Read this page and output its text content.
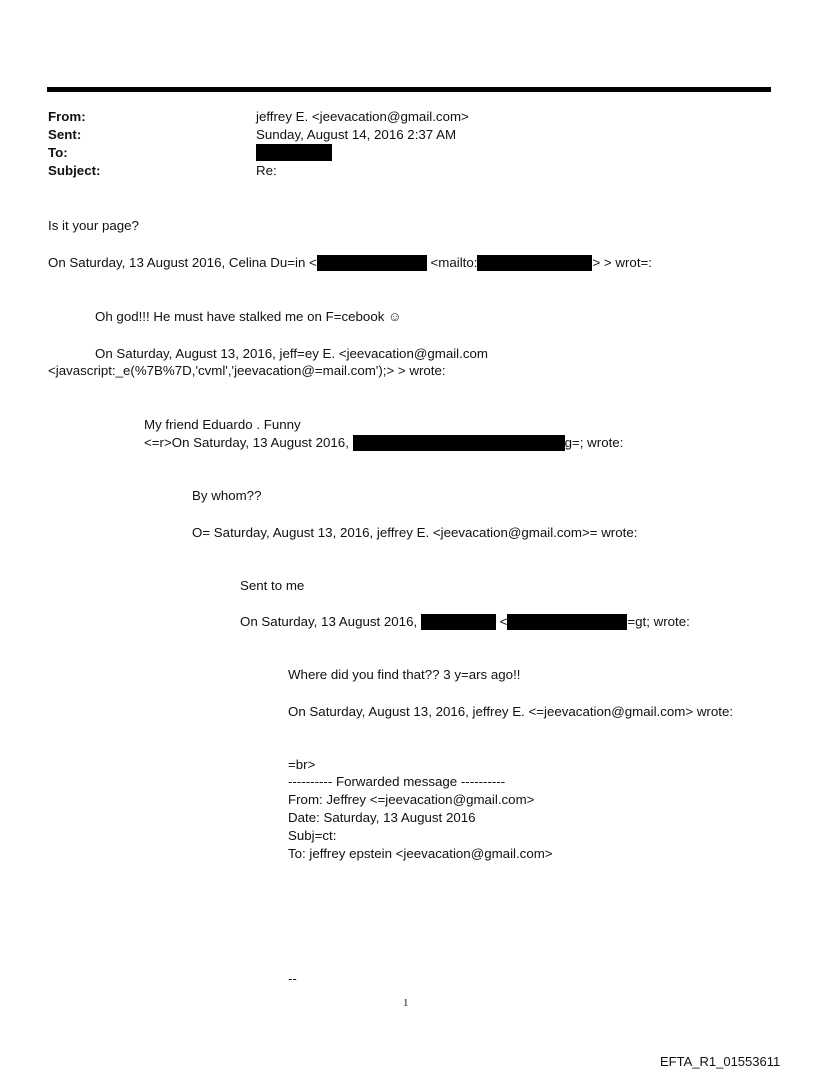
From:	jeffrey E. <jeevacation@gmail.com>
Sent:	Sunday, August 14, 2016 2:37 AM
To:
Subject:	Re:
Is it your page?
On Saturday, 13 August 2016, Celina Du=in <	<mailto:	> > wrot=:
Oh god!!! He must have stalked me on F=cebook ☺
On Saturday, August 13, 2016, jeff=ey E. <jeevacation@gmail.com
<javascript:_e(%7B%7D,'cvml','jeevacation@=mail.com');> > wrote:
My friend Eduardo . Funny
<=r>On Saturday, 13 August 2016,	g=; wrote:
By whom??
O= Saturday, August 13, 2016, jeffrey E. <jeevacation@gmail.com>= wrote:
Sent to me
On Saturday, 13 August 2016,	<	=gt; wrote:
Where did you find that?? 3 y=ars ago!!
On Saturday, August 13, 2016, jeffrey E. <=jeevacation@gmail.com> wrote:
=br>
---------- Forwarded message ----------
From: Jeffrey <=jeevacation@gmail.com>
Date: Saturday, 13 August 2016
Subj=ct:
To: jeffrey epstein <jeevacation@gmail.com>
--
1
EFTA_R1_01553611
